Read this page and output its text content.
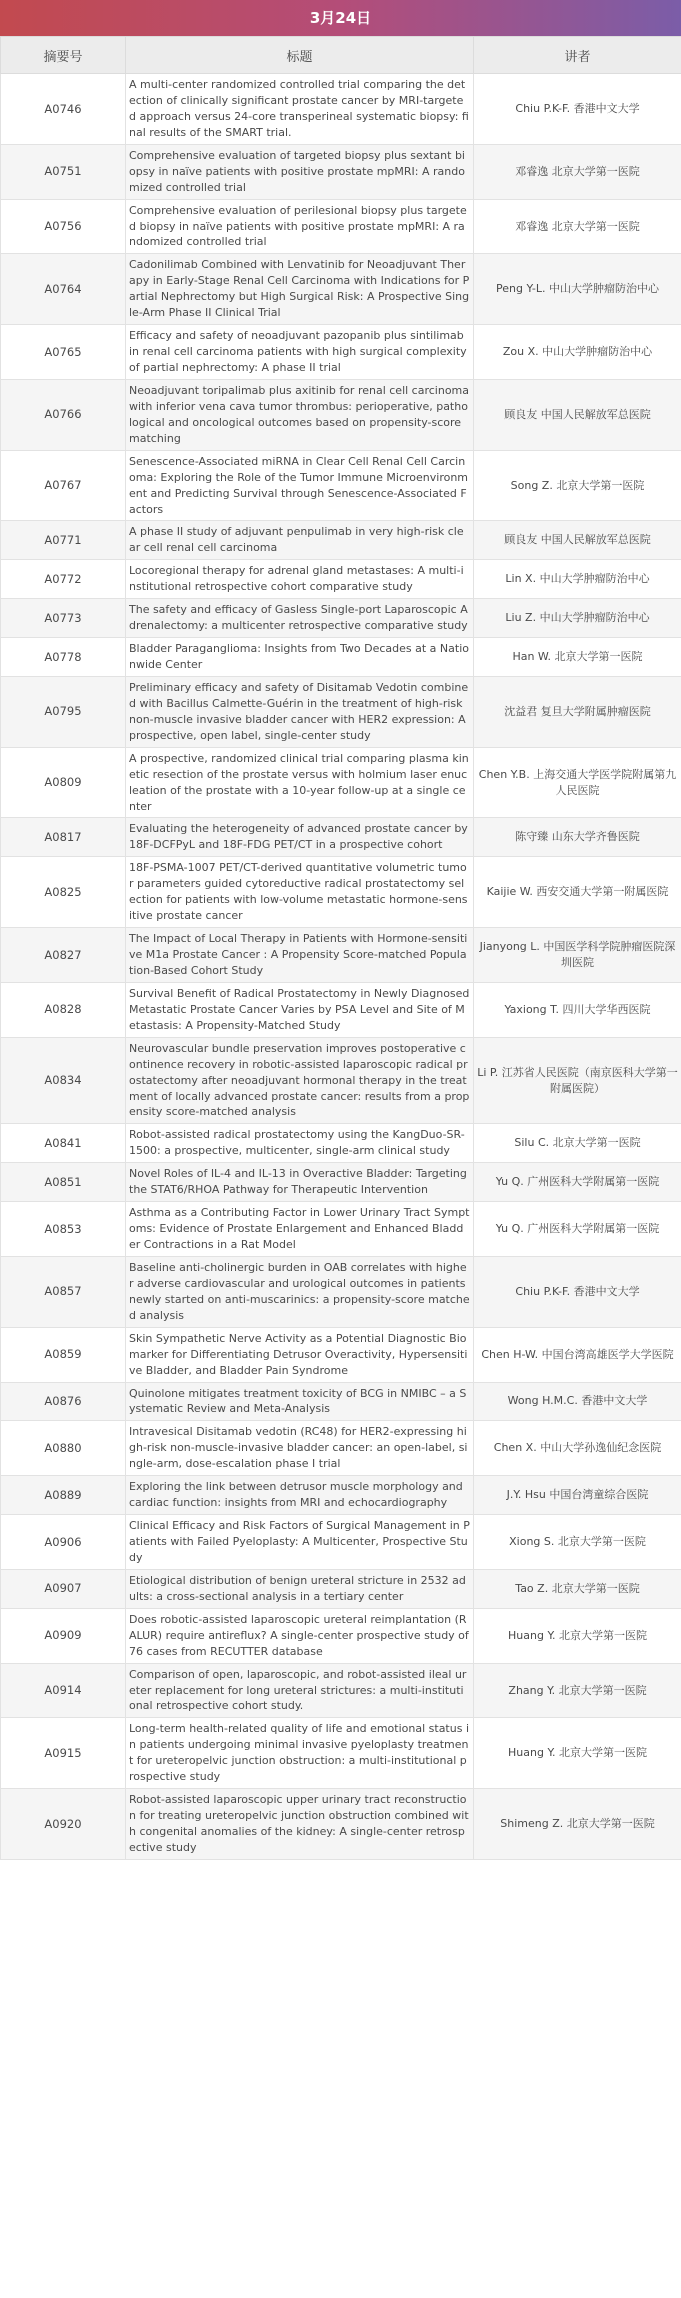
3月24日
摘要号	标题	讲者
A0746	A multi-center randomized controlled trial comparing the detection of clinically significant prostate cancer by MRI-targeted approach versus 24-core transperineal systematic biopsy: final results of the SMART trial.	Chiu P.K-F. 香港中文大学
A0751	Comprehensive evaluation of targeted biopsy plus sextant biopsy in naïve patients with positive prostate mpMRI: A randomized controlled trial	邓睿逸 北京大学第一医院
A0756	Comprehensive evaluation of perilesional biopsy plus targeted biopsy in naïve patients with positive prostate mpMRI: A randomized controlled trial	邓睿逸 北京大学第一医院
A0764	Cadonilimab Combined with Lenvatinib for Neoadjuvant Therapy in Early-Stage Renal Cell Carcinoma with Indications for Partial Nephrectomy but High Surgical Risk: A Prospective Single-Arm Phase II Clinical Trial	Peng Y-L. 中山大学肿瘤防治中心
A0765	Efficacy and safety of neoadjuvant pazopanib plus sintilimab in renal cell carcinoma patients with high surgical complexity of partial nephrectomy: A phase II trial	Zou X. 中山大学肿瘤防治中心
A0766	Neoadjuvant toripalimab plus axitinib for renal cell carcinoma with inferior vena cava tumor thrombus: perioperative, pathological and oncological outcomes based on propensity-score matching	顾良友 中国人民解放军总医院
A0767	Senescence-Associated miRNA in Clear Cell Renal Cell Carcinoma: Exploring the Role of the Tumor Immune Microenvironment and Predicting Survival through Senescence-Associated Factors	Song Z. 北京大学第一医院
A0771	A phase II study of adjuvant penpulimab in very high-risk clear cell renal cell carcinoma	顾良友 中国人民解放军总医院
A0772	Locoregional therapy for adrenal gland metastases: A multi-institutional retrospective cohort comparative study	Lin X. 中山大学肿瘤防治中心
A0773	The safety and efficacy of Gasless Single-port Laparoscopic Adrenalectomy: a multicenter retrospective comparative study	Liu Z. 中山大学肿瘤防治中心
A0778	Bladder Paraganglioma: Insights from Two Decades at a Nationwide Center	Han W. 北京大学第一医院
A0795	Preliminary efficacy and safety of Disitamab Vedotin combined with Bacillus Calmette-Guérin in the treatment of high-risk non-muscle invasive bladder cancer with HER2 expression: A prospective, open label, single-center study	沈益君 复旦大学附属肿瘤医院
A0809	A prospective, randomized clinical trial comparing plasma kinetic resection of the prostate versus with holmium laser enucleation of the prostate with a 10-year follow-up at a single center	Chen Y.B. 上海交通大学医学院附属第九人民医院
A0817	Evaluating the heterogeneity of advanced prostate cancer by 18F-DCFPyL and 18F-FDG PET/CT in a prospective cohort	陈守臻 山东大学齐鲁医院
A0825	18F-PSMA-1007 PET/CT-derived quantitative volumetric tumor parameters guided cytoreductive radical prostatectomy selection for patients with low-volume metastatic hormone-sensitive prostate cancer	Kaijie W. 西安交通大学第一附属医院
A0827	The Impact of Local Therapy in Patients with Hormone-sensitive M1a Prostate Cancer : A Propensity Score-matched Population-Based Cohort Study	Jianyong L. 中国医学科学院肿瘤医院深圳医院
A0828	Survival Benefit of Radical Prostatectomy in Newly Diagnosed Metastatic Prostate Cancer Varies by PSA Level and Site of Metastasis: A Propensity-Matched Study	Yaxiong T. 四川大学华西医院
A0834	Neurovascular bundle preservation improves postoperative continence recovery in robotic-assisted laparoscopic radical prostatectomy after neoadjuvant hormonal therapy in the treatment of locally advanced prostate cancer: results from a propensity score-matched analysis	Li P. 江苏省人民医院（南京医科大学第一附属医院）
A0841	Robot-assisted radical prostatectomy using the KangDuo-SR-1500: a prospective, multicenter, single-arm clinical study	Silu C. 北京大学第一医院
A0851	Novel Roles of IL-4 and IL-13 in Overactive Bladder: Targeting the STAT6/RHOA Pathway for Therapeutic Intervention	Yu Q. 广州医科大学附属第一医院
A0853	Asthma as a Contributing Factor in Lower Urinary Tract Symptoms: Evidence of Prostate Enlargement and Enhanced Bladder Contractions in a Rat Model	Yu Q. 广州医科大学附属第一医院
A0857	Baseline anti-cholinergic burden in OAB correlates with higher adverse cardiovascular and urological outcomes in patients newly started on anti-muscarinics: a propensity-score matched analysis	Chiu P.K-F. 香港中文大学
A0859	Skin Sympathetic Nerve Activity as a Potential Diagnostic Biomarker for Differentiating Detrusor Overactivity, Hypersensitive Bladder, and Bladder Pain Syndrome	Chen H-W. 中国台湾高雄医学大学医院
A0876	Quinolone mitigates treatment toxicity of BCG in NMIBC – a Systematic Review and Meta-Analysis	Wong H.M.C. 香港中文大学
A0880	Intravesical Disitamab vedotin (RC48) for HER2-expressing high-risk non-muscle-invasive bladder cancer: an open-label, single-arm, dose-escalation phase I trial	Chen X. 中山大学孙逸仙纪念医院
A0889	Exploring the link between detrusor muscle morphology and cardiac function: insights from MRI and echocardiography	J.Y. Hsu 中国台湾童综合医院
A0906	Clinical Efficacy and Risk Factors of Surgical Management in Patients with Failed Pyeloplasty: A Multicenter, Prospective Study	Xiong S. 北京大学第一医院
A0907	Etiological distribution of benign ureteral stricture in 2532 adults: a cross-sectional analysis in a tertiary center	Tao Z. 北京大学第一医院
A0909	Does robotic-assisted laparoscopic ureteral reimplantation (RALUR) require antireflux? A single-center prospective study of 76 cases from RECUTTER database	Huang Y. 北京大学第一医院
A0914	Comparison of open, laparoscopic, and robot-assisted ileal ureter replacement for long ureteral strictures: a multi-institutional retrospective cohort study.	Zhang Y. 北京大学第一医院
A0915	Long-term health-related quality of life and emotional status in patients undergoing minimal invasive pyeloplasty treatment for ureteropelvic junction obstruction: a multi-institutional prospective study	Huang Y. 北京大学第一医院
A0920	Robot-assisted laparoscopic upper urinary tract reconstruction for treating ureteropelvic junction obstruction combined with congenital anomalies of the kidney: A single-center retrospective study	Shimeng Z. 北京大学第一医院
